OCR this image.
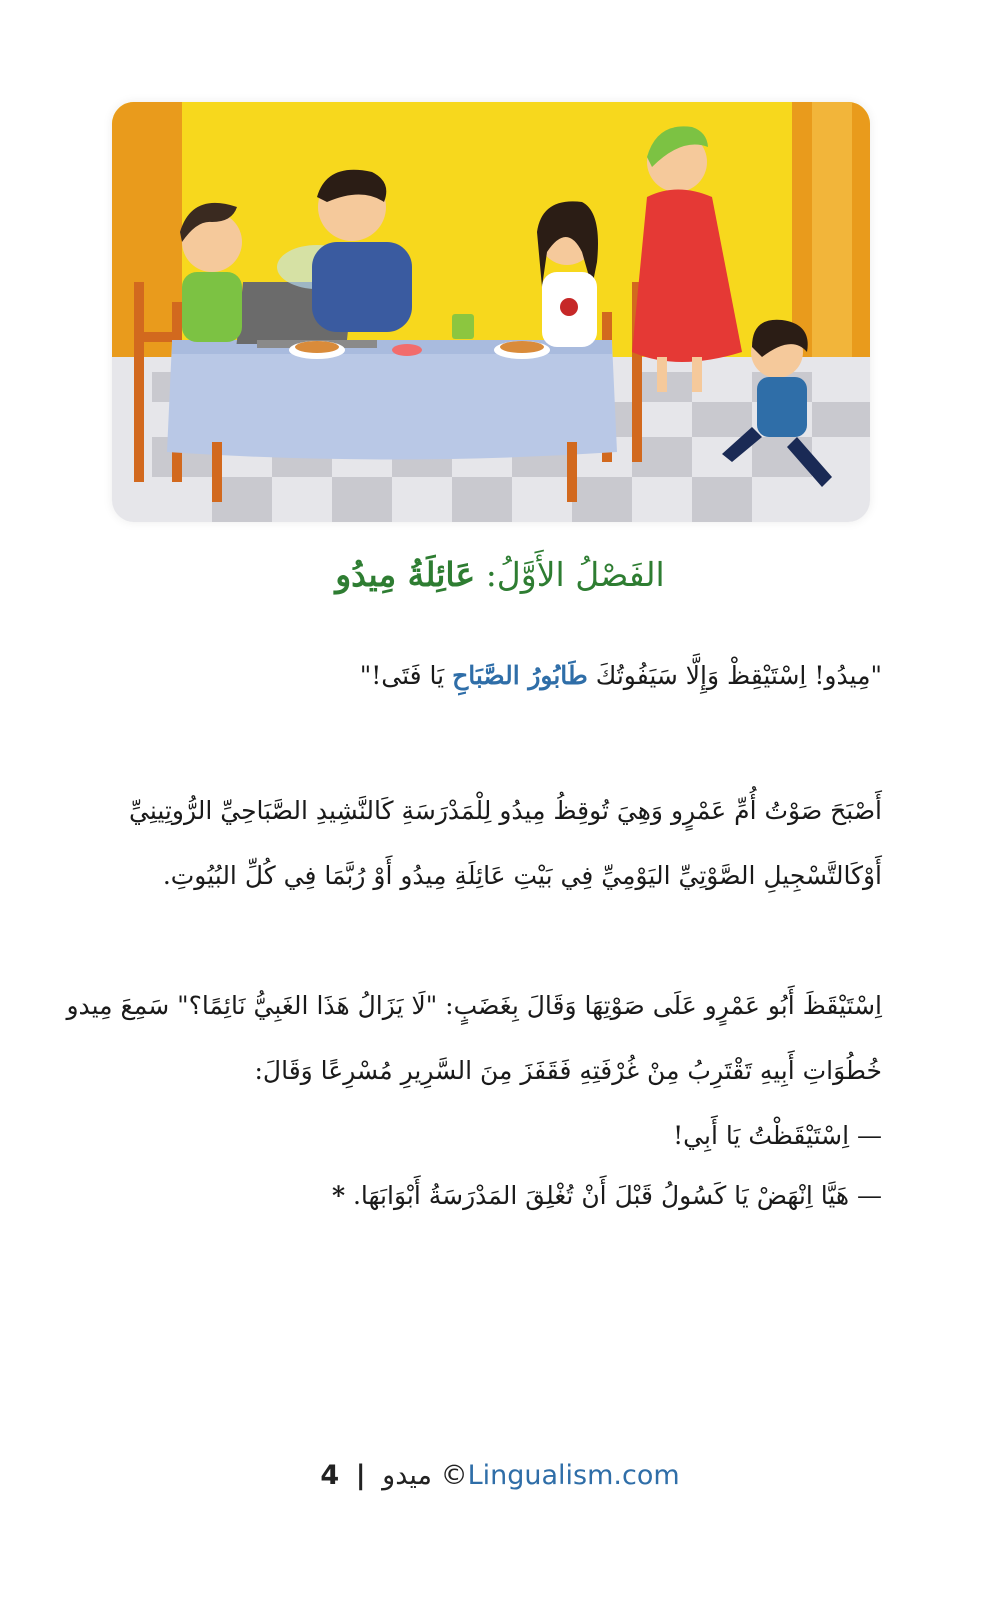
الفَصْلُ الأَوَّلُ: عَائِلَةُ مِيدُو
"مِيدُو! اِسْتَيْقِظْ وَإِلَّا سَيَفُوتُكَ طَابُورُ الصَّبَاحِ يَا فَتَى!"
أَصْبَحَ صَوْتُ أُمِّ عَمْرٍو وَهِيَ تُوقِظُ مِيدُو لِلْمَدْرَسَةِ كَالنَّشِيدِ الصَّبَاحِيِّ الرُّوتِينِيِّ
أَوْكَالتَّسْجِيلِ الصَّوْتِيِّ اليَوْمِيِّ فِي بَيْتِ عَائِلَةِ مِيدُو أَوْ رُبَّمَا فِي كُلِّ البُيُوتِ.
اِسْتَيْقَظَ أَبُو عَمْرٍو عَلَى صَوْتِهَا وَقَالَ بِغَضَبٍ: "لَا يَزَالُ هَذَا الغَبِيُّ نَائِمًا؟" سَمِعَ مِيدو
خُطُوَاتِ أَبِيهِ تَقْتَرِبُ مِنْ غُرْفَتِهِ فَقَفَزَ مِنَ السَّرِيرِ مُسْرِعًا وَقَالَ:
— اِسْتَيْقَظْتُ يَا أَبِي!
— هَيَّا اِنْهَضْ يَا كَسُولُ قَبْلَ أَنْ تُغْلِقَ المَدْرَسَةُ أَبْوَابَهَا. *
4 | ميدو ©Lingualism.com
